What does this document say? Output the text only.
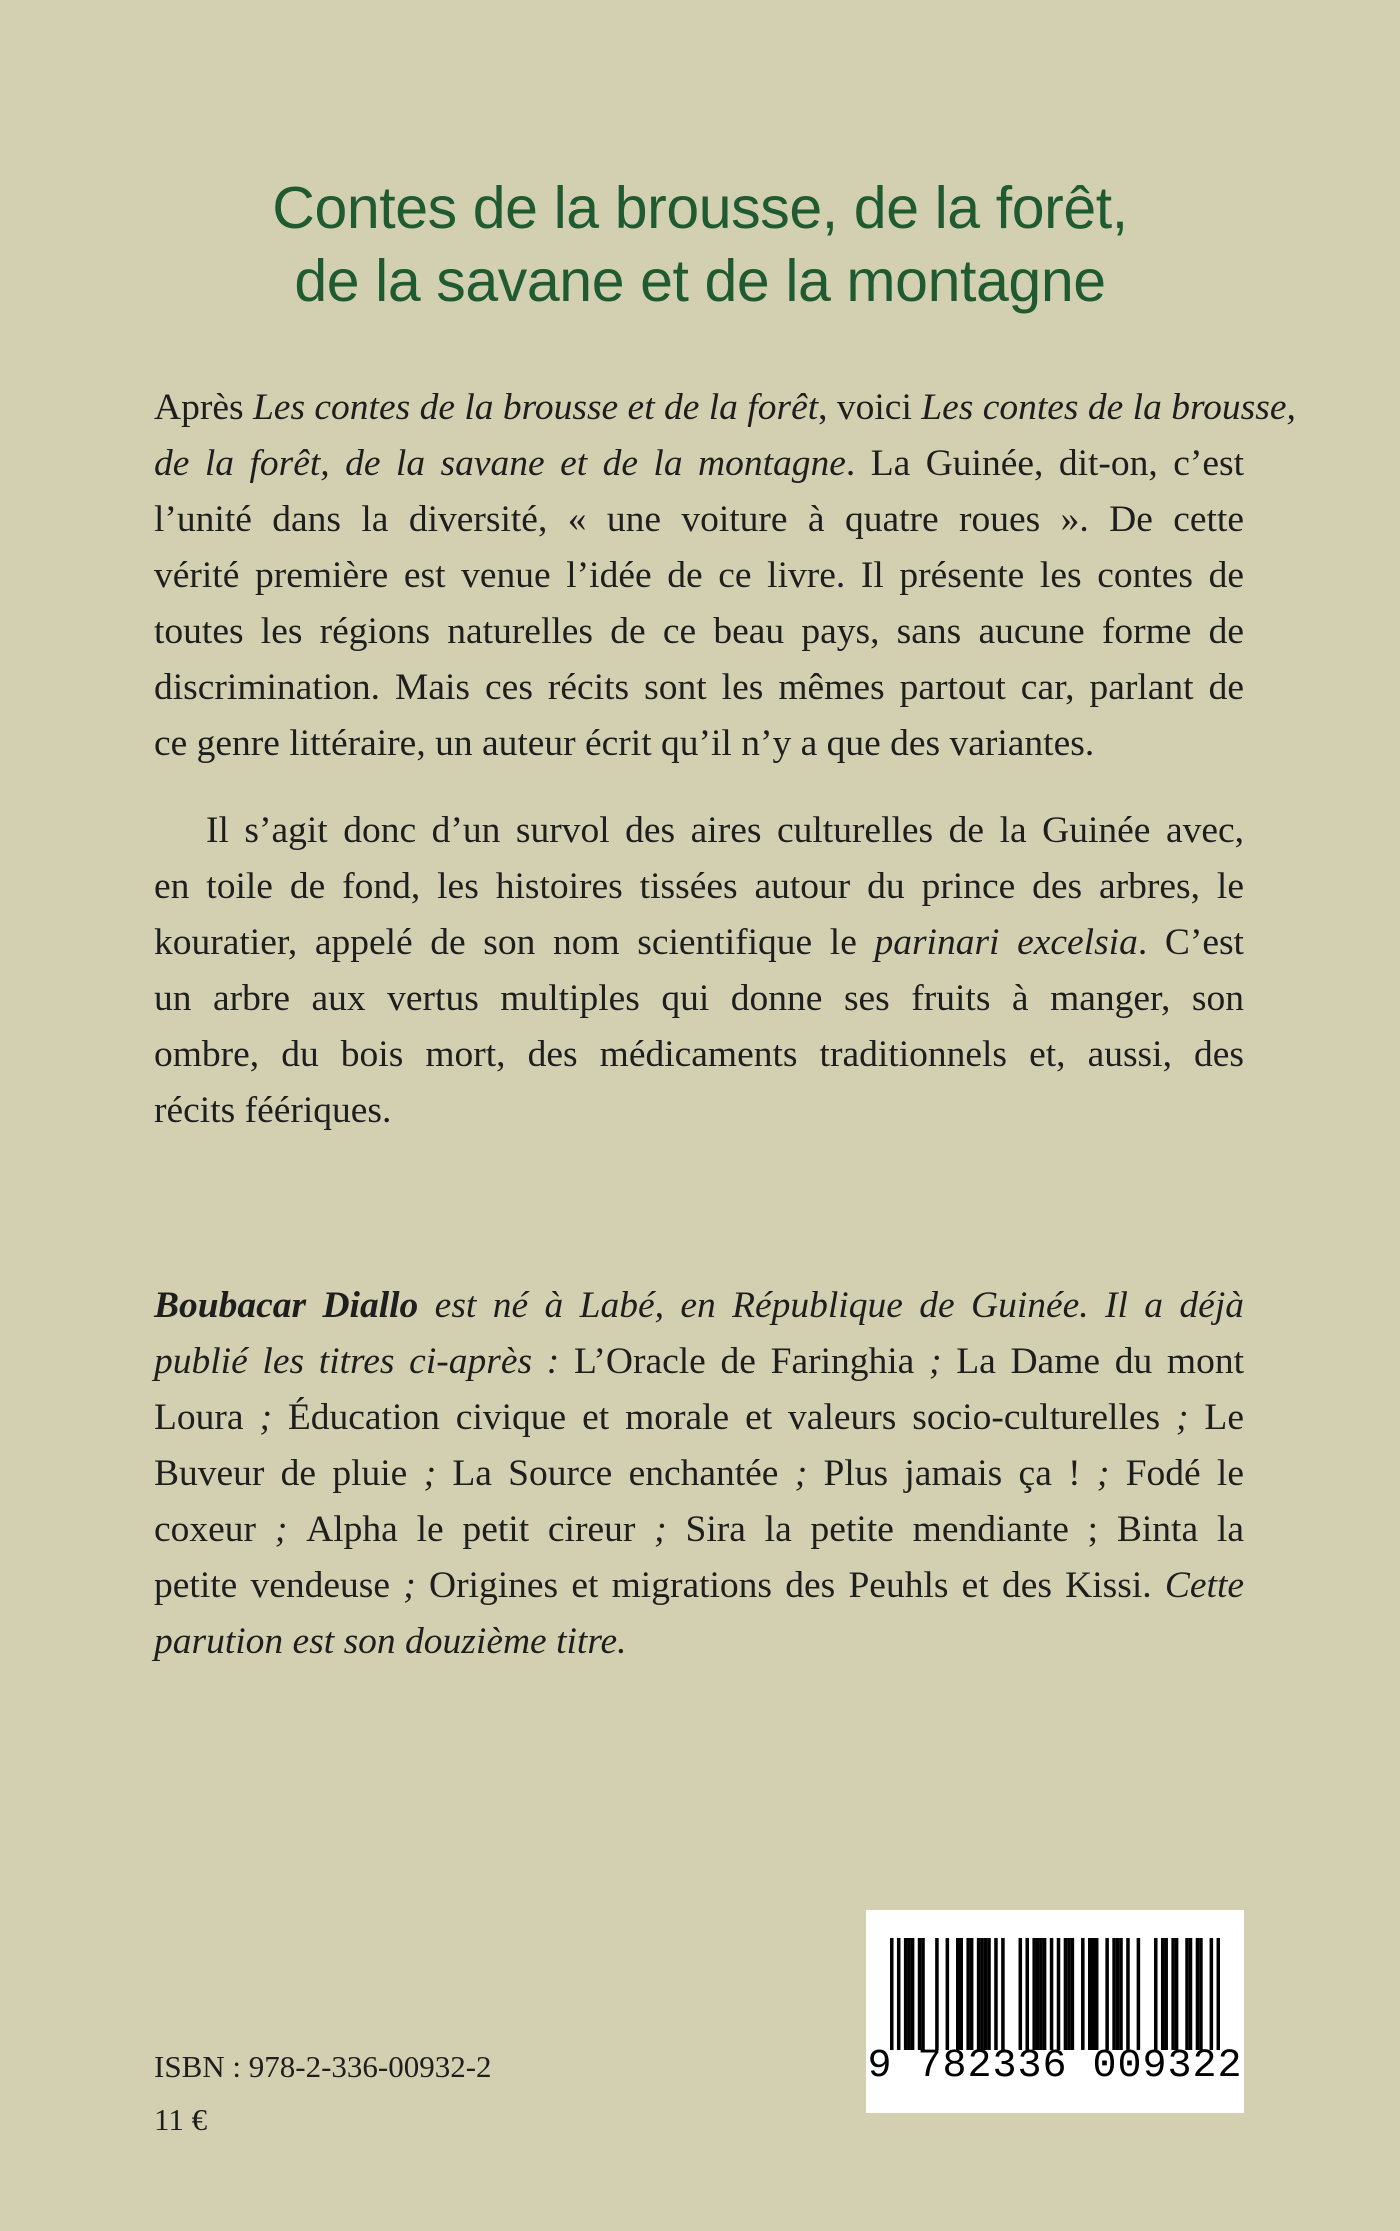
Contes de la brousse, de la forêt,
de la savane et de la montagne
Après Les contes de la brousse et de la forêt, voici Les contes de la brousse,
de la forêt, de la savane et de la montagne. La Guinée, dit-on, c’est
l’unité dans la diversité, « une voiture à quatre roues ». De cette
vérité première est venue l’idée de ce livre. Il présente les contes de
toutes les régions naturelles de ce beau pays, sans aucune forme de
discrimination. Mais ces récits sont les mêmes partout car, parlant de
ce genre littéraire, un auteur écrit qu’il n’y a que des variantes.
Il s’agit donc d’un survol des aires culturelles de la Guinée avec,
en toile de fond, les histoires tissées autour du prince des arbres, le
kouratier, appelé de son nom scientifique le parinari excelsia. C’est
un arbre aux vertus multiples qui donne ses fruits à manger, son
ombre, du bois mort, des médicaments traditionnels et, aussi, des
récits féériques.
Boubacar Diallo est né à Labé, en République de Guinée. Il a déjà
publié les titres ci-après : L’Oracle de Faringhia ; La Dame du mont
Loura ; Éducation civique et morale et valeurs socio-culturelles ; Le
Buveur de pluie ; La Source enchantée ; Plus jamais ça ! ; Fodé le
coxeur ; Alpha le petit cireur ; Sira la petite mendiante ; Binta la
petite vendeuse ; Origines et migrations des Peuhls et des Kissi. Cette
parution est son douzième titre.
9 782336 009322
ISBN : 978-2-336-00932-2
11 €
